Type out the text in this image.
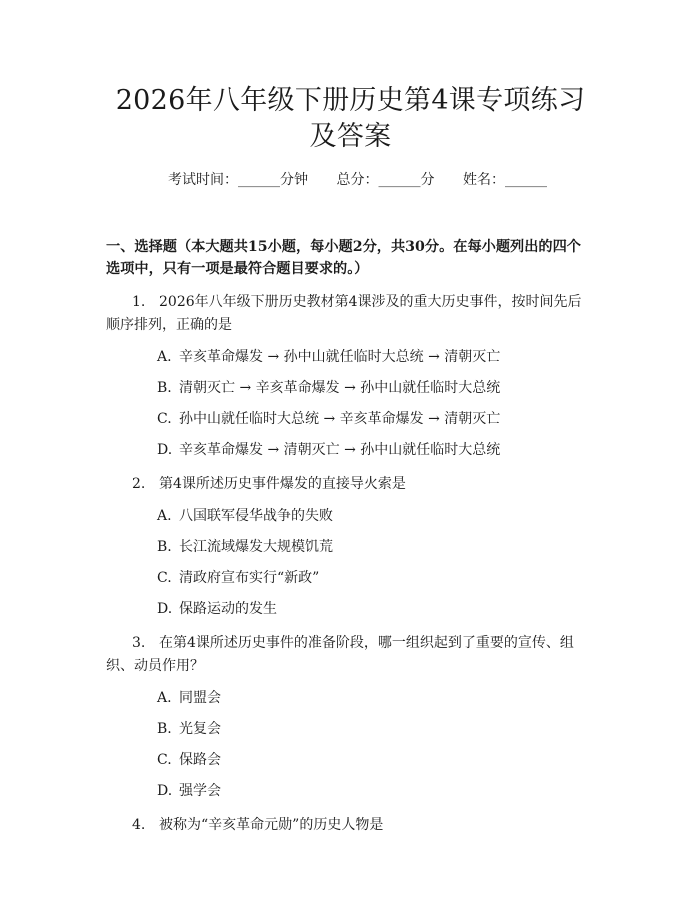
2026年八年级下册历史第4课专项练习及答案
考试时间：______分钟 总分：______分 姓名：______
一、选择题（本大题共15小题，每小题2分，共30分。在每小题列出的四个选项中，只有一项是最符合题目要求的。）
1. 2026年八年级下册历史教材第4课涉及的重大历史事件，按时间先后顺序排列，正确的是
A. 辛亥革命爆发 → 孙中山就任临时大总统 → 清朝灭亡
B. 清朝灭亡 → 辛亥革命爆发 → 孙中山就任临时大总统
C. 孙中山就任临时大总统 → 辛亥革命爆发 → 清朝灭亡
D. 辛亥革命爆发 → 清朝灭亡 → 孙中山就任临时大总统
2. 第4课所述历史事件爆发的直接导火索是
A. 八国联军侵华战争的失败
B. 长江流域爆发大规模饥荒
C. 清政府宣布实行“新政”
D. 保路运动的发生
3. 在第4课所述历史事件的准备阶段，哪一组织起到了重要的宣传、组织、动员作用？
A. 同盟会
B. 光复会
C. 保路会
D. 强学会
4. 被称为“辛亥革命元勋”的历史人物是
